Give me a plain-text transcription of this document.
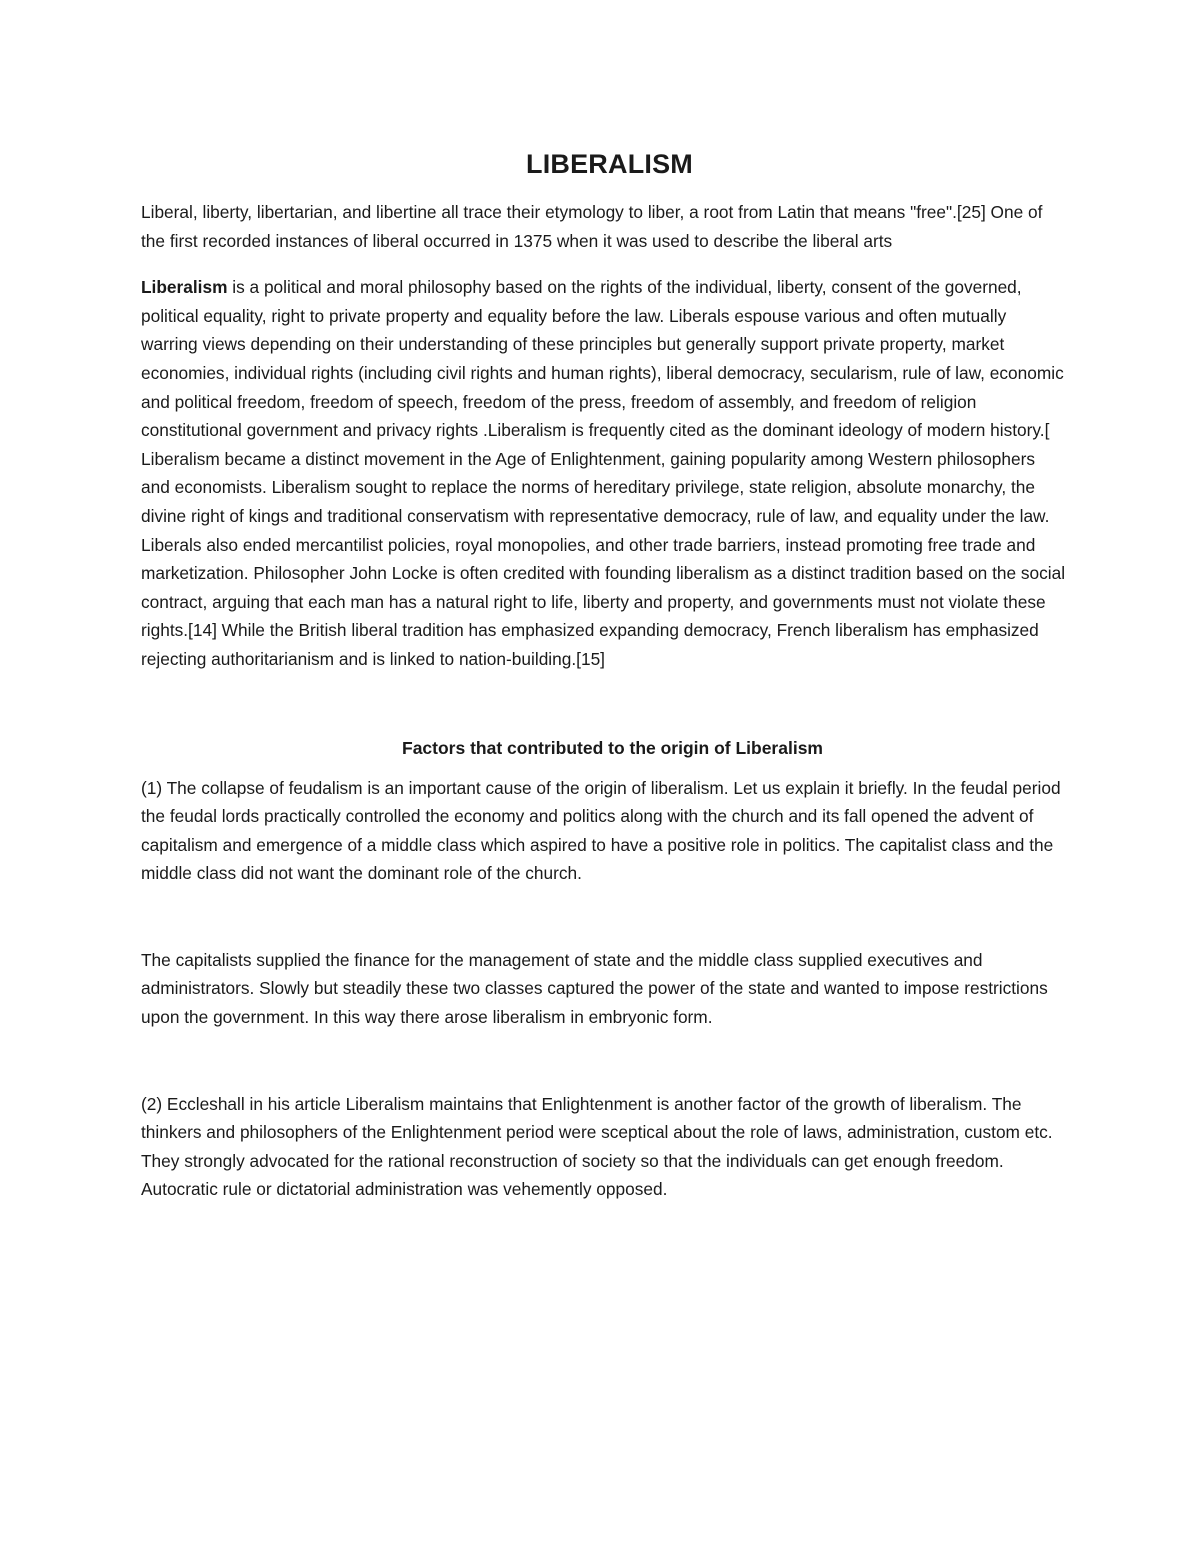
LIBERALISM

Liberal, liberty, libertarian, and libertine all trace their etymology to liber, a root from Latin that means "free".[25] One of the first recorded instances of liberal occurred in 1375 when it was used to describe the liberal arts

Liberalism is a political and moral philosophy based on the rights of the individual, liberty, consent of the governed, political equality, right to private property and equality before the law. Liberals espouse various and often mutually warring views depending on their understanding of these principles but generally support private property, market economies, individual rights (including civil rights and human rights), liberal democracy, secularism, rule of law, economic and political freedom, freedom of speech, freedom of the press, freedom of assembly, and freedom of religion constitutional government and privacy rights .Liberalism is frequently cited as the dominant ideology of modern history.[ Liberalism became a distinct movement in the Age of Enlightenment, gaining popularity among Western philosophers and economists. Liberalism sought to replace the norms of hereditary privilege, state religion, absolute monarchy, the divine right of kings and traditional conservatism with representative democracy, rule of law, and equality under the law. Liberals also ended mercantilist policies, royal monopolies, and other trade barriers, instead promoting free trade and marketization. Philosopher John Locke is often credited with founding liberalism as a distinct tradition based on the social contract, arguing that each man has a natural right to life, liberty and property, and governments must not violate these rights.[14] While the British liberal tradition has emphasized expanding democracy, French liberalism has emphasized rejecting authoritarianism and is linked to nation-building.[15]

Factors that contributed to the origin of Liberalism

(1) The collapse of feudalism is an important cause of the origin of liberalism. Let us explain it briefly. In the feudal period the feudal lords practically controlled the economy and politics along with the church and its fall opened the advent of capitalism and emergence of a middle class which aspired to have a positive role in politics. The capitalist class and the middle class did not want the dominant role of the church.

The capitalists supplied the finance for the management of state and the middle class supplied executives and administrators. Slowly but steadily these two classes captured the power of the state and wanted to impose restrictions upon the government. In this way there arose liberalism in embryonic form.

(2) Eccleshall in his article Liberalism maintains that Enlightenment is another factor of the growth of liberalism. The thinkers and philosophers of the Enlightenment period were sceptical about the role of laws, administration, custom etc. They strongly advocated for the rational reconstruction of society so that the individuals can get enough freedom. Autocratic rule or dictatorial administration was vehemently opposed.
